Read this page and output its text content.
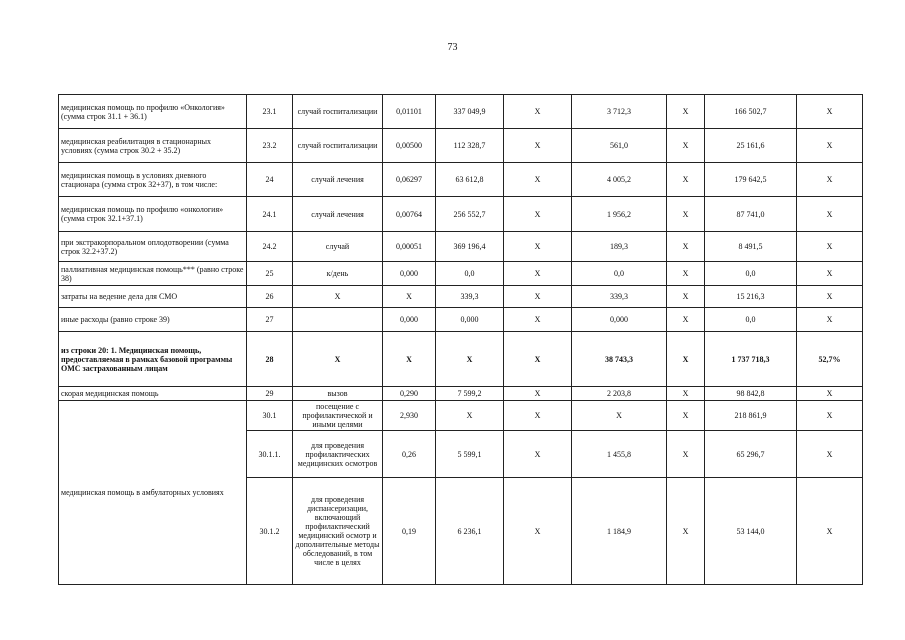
73
медицинская помощь по профилю «Онкология» (сумма строк 31.1 + 36.1)	23.1	случай госпитализации	0,01101	337 049,9	X	3 712,3	X	166 502,7	X
медицинская реабилитация в стационарных условиях (сумма строк 30.2 + 35.2)	23.2	случай госпитализации	0,00500	112 328,7	X	561,0	X	25 161,6	X
медицинская помощь в условиях дневного стационара (сумма строк 32+37), в том числе:	24	случай лечения	0,06297	63 612,8	X	4 005,2	X	179 642,5	X
медицинская помощь по профилю «онкология» (сумма строк 32.1+37.1)	24.1	случай лечения	0,00764	256 552,7	X	1 956,2	X	87 741,0	X
при экстракорпоральном оплодотворении (сумма строк 32.2+37.2)	24.2	случай	0,00051	369 196,4	X	189,3	X	8 491,5	X
паллиативная медицинская помощь*** (равно строке 38)	25	к/день	0,000	0,0	X	0,0	X	0,0	X
затраты на ведение дела для СМО	26	X	X	339,3	X	339,3	X	15 216,3	X
иные расходы (равно строке 39)	27		0,000	0,000	X	0,000	X	0,0	X
из строки 20: 1. Медицинская помощь, предоставляемая в рамках базовой программы ОМС застрахованным лицам	28	X	X	X	X	38 743,3	X	1 737 718,3	52,7%
скорая медицинская помощь	29	вызов	0,290	7 599,2	X	2 203,8	X	98 842,8	X
медицинская помощь в амбулаторных условиях	30.1	посещение с профилактической и иными целями	2,930	X	X	X	X	218 861,9	X
	30.1.1.	для проведения профилактических медицинских осмотров	0,26	5 599,1	X	1 455,8	X	65 296,7	X
	30.1.2	для проведения диспансеризации, включающий профилактический медицинский осмотр и дополнительные методы обследований, в том числе в целях	0,19	6 236,1	X	1 184,9	X	53 144,0	X
